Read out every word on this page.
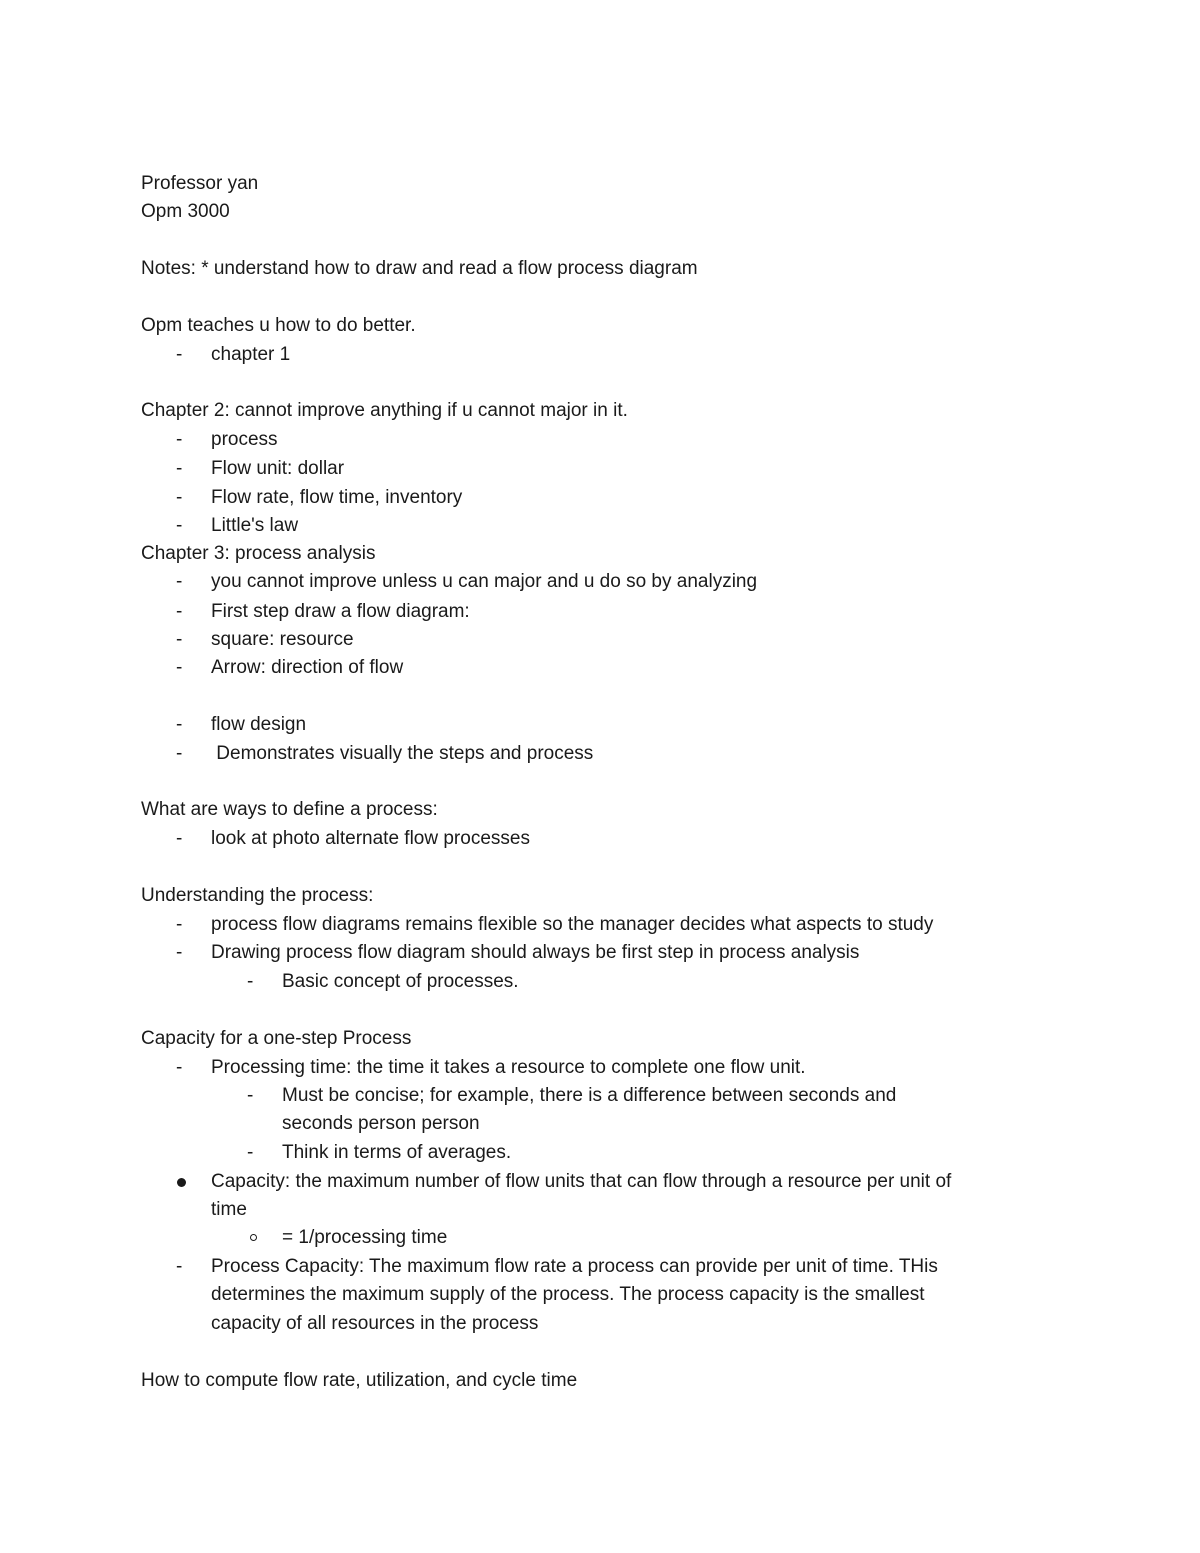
Professor yan
Opm 3000
Notes: * understand how to draw and read a flow process diagram
Opm teaches u how to do better.
- chapter 1
Chapter 2: cannot improve anything if u cannot major in it.
- process
- Flow unit: dollar
- Flow rate, flow time, inventory
- Little's law
Chapter 3: process analysis
- you cannot improve unless u can major and u do so by analyzing
- First step draw a flow diagram:
- square: resource
- Arrow: direction of flow
- flow design
- Demonstrates visually the steps and process
What are ways to define a process:
- look at photo alternate flow processes
Understanding the process:
- process flow diagrams remains flexible so the manager decides what aspects to study
- Drawing process flow diagram should always be first step in process analysis
- Basic concept of processes.
Capacity for a one-step Process
- Processing time: the time it takes a resource to complete one flow unit.
- Must be concise; for example, there is a difference between seconds and
seconds person person
- Think in terms of averages.
Capacity: the maximum number of flow units that can flow through a resource per unit of
time
= 1/processing time
- Process Capacity: The maximum flow rate a process can provide per unit of time. THis
determines the maximum supply of the process. The process capacity is the smallest
capacity of all resources in the process
How to compute flow rate, utilization, and cycle time
